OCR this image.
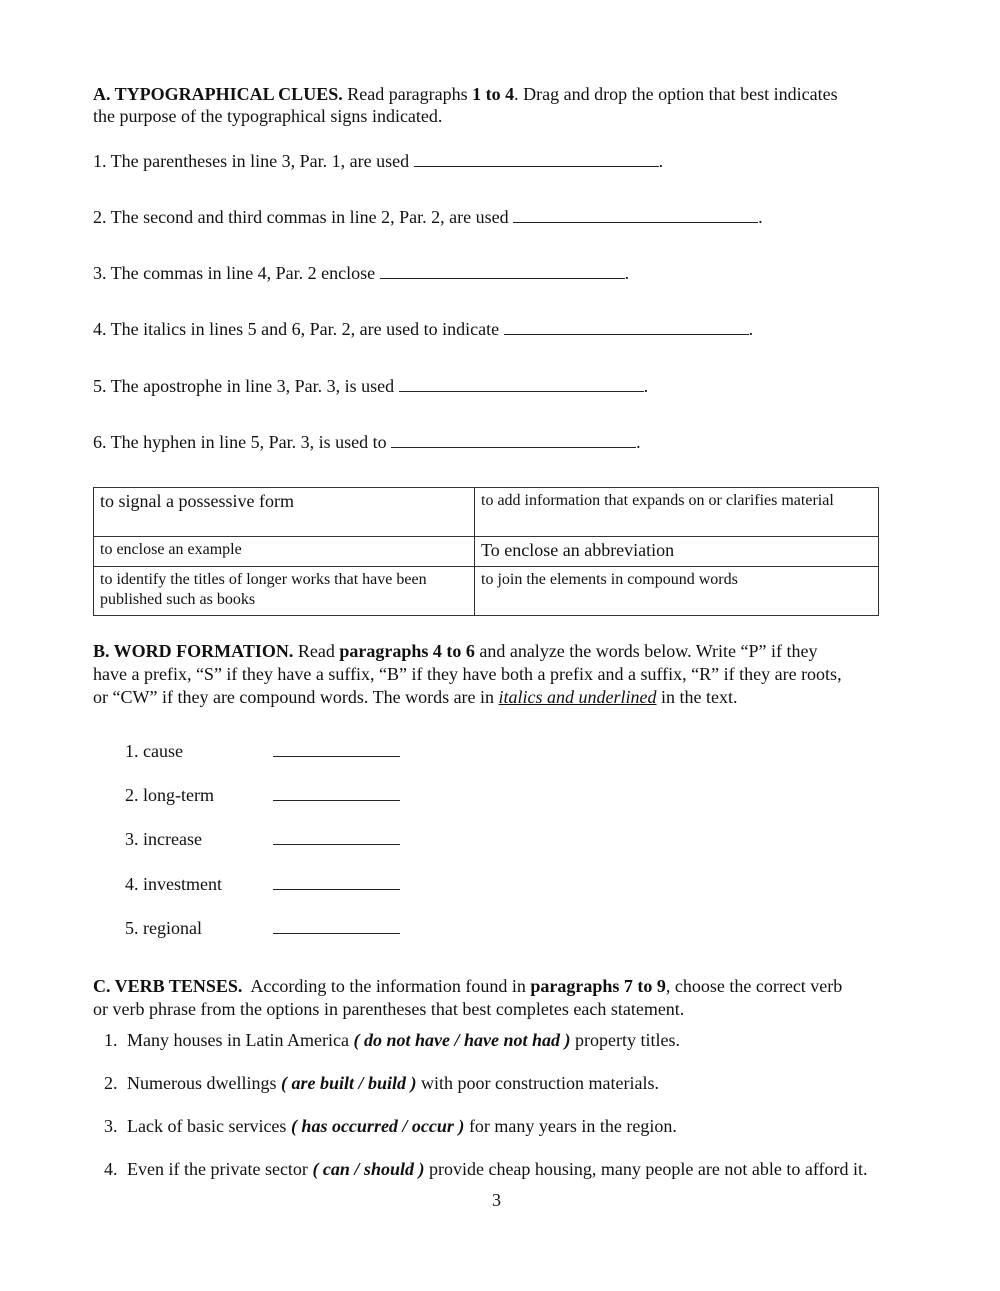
A. TYPOGRAPHICAL CLUES. Read paragraphs 1 to 4. Drag and drop the option that best indicates
the purpose of the typographical signs indicated.
1. The parentheses in line 3, Par. 1, are used	.
2. The second and third commas in line 2, Par. 2, are used	.
3. The commas in line 4, Par. 2 enclose	.
4. The italics in lines 5 and 6, Par. 2, are used to indicate	.
5. The apostrophe in line 3, Par. 3, is used	.
6. The hyphen in line 5, Par. 3, is used to	.
to signal a possessive form	to add information that expands on or clarifies material
to enclose an example	To enclose an abbreviation
to identify the titles of longer works that have been published such as books	to join the elements in compound words
B. WORD FORMATION. Read paragraphs 4 to 6 and analyze the words below. Write “P” if they
have a prefix, “S” if they have a suffix, “B” if they have both a prefix and a suffix, “R” if they are roots,
or “CW” if they are compound words. The words are in italics and underlined in the text.
1. cause
2. long-term
3. increase
4. investment
5. regional
C. VERB TENSES.  According to the information found in paragraphs 7 to 9, choose the correct verb
or verb phrase from the options in parentheses that best completes each statement.
1. Many houses in Latin America ( do not have / have not had ) property titles.
2. Numerous dwellings ( are built / build ) with poor construction materials.
3. Lack of basic services ( has occurred / occur ) for many years in the region.
4. Even if the private sector ( can / should ) provide cheap housing, many people are not able to afford it.
3
